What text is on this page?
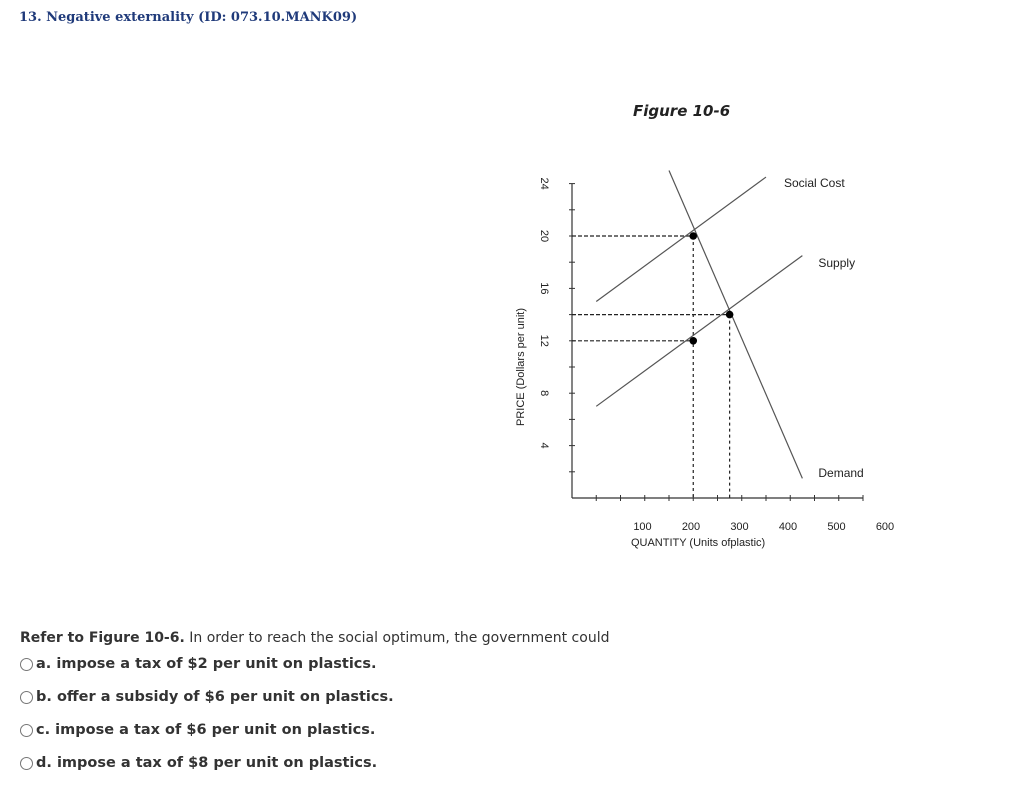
13. Negative externality (ID: 073.10.MANK09)
Figure 10-6
4
8
12
16
20
24
100	200	300	400	500	600
PRICE (Dollars per unit)
QUANTITY (Units ofplastic)
Social Cost
Supply
Demand
Refer to Figure 10-6. In order to reach the social optimum, the government could
a.
impose a tax of $2 per unit on plastics.
b.
offer a subsidy of $6 per unit on plastics.
c.
impose a tax of $6 per unit on plastics.
d.
impose a tax of $8 per unit on plastics.
